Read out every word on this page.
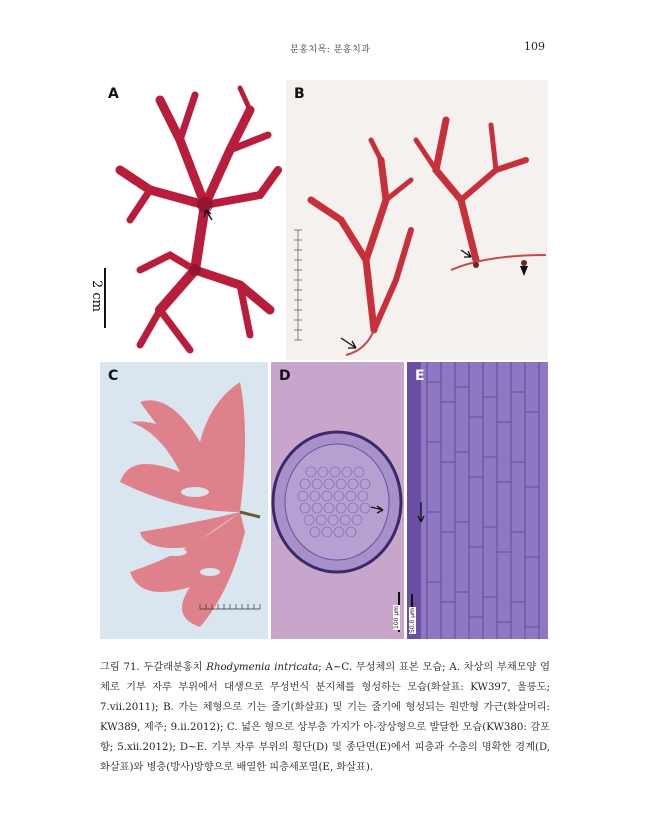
분홍치목: 분홍치과	109
A
2 cm
B
C	D
100 μm
E
50.0 μm
그림 71. 두갈래분홍치 Rhodymenia intricata; A~C. 무성체의 표본 모습; A. 차상의 부채모양 엽체로 기부 자루 부위에서 대생으로 무성번식 분지체를 형성하는 모습(화살표: KW397, 울릉도; 7.vii.2011); B. 가는 체형으로 기는 줄기(화살표) 및 기는 줄기에 형성되는 원반형 가근(화살머리: KW389, 제주; 9.ii.2012); C. 넓은 형으로 상부층 가지가 아-장상형으로 발달한 모습(KW380: 감포항; 5.xii.2012); D~E. 기부 자루 부위의 횡단(D) 및 종단면(E)에서 피층과 수층의 명확한 경계(D, 화살표)와 병층(방사)방향으로 배열한 피층세포열(E, 화살표).
